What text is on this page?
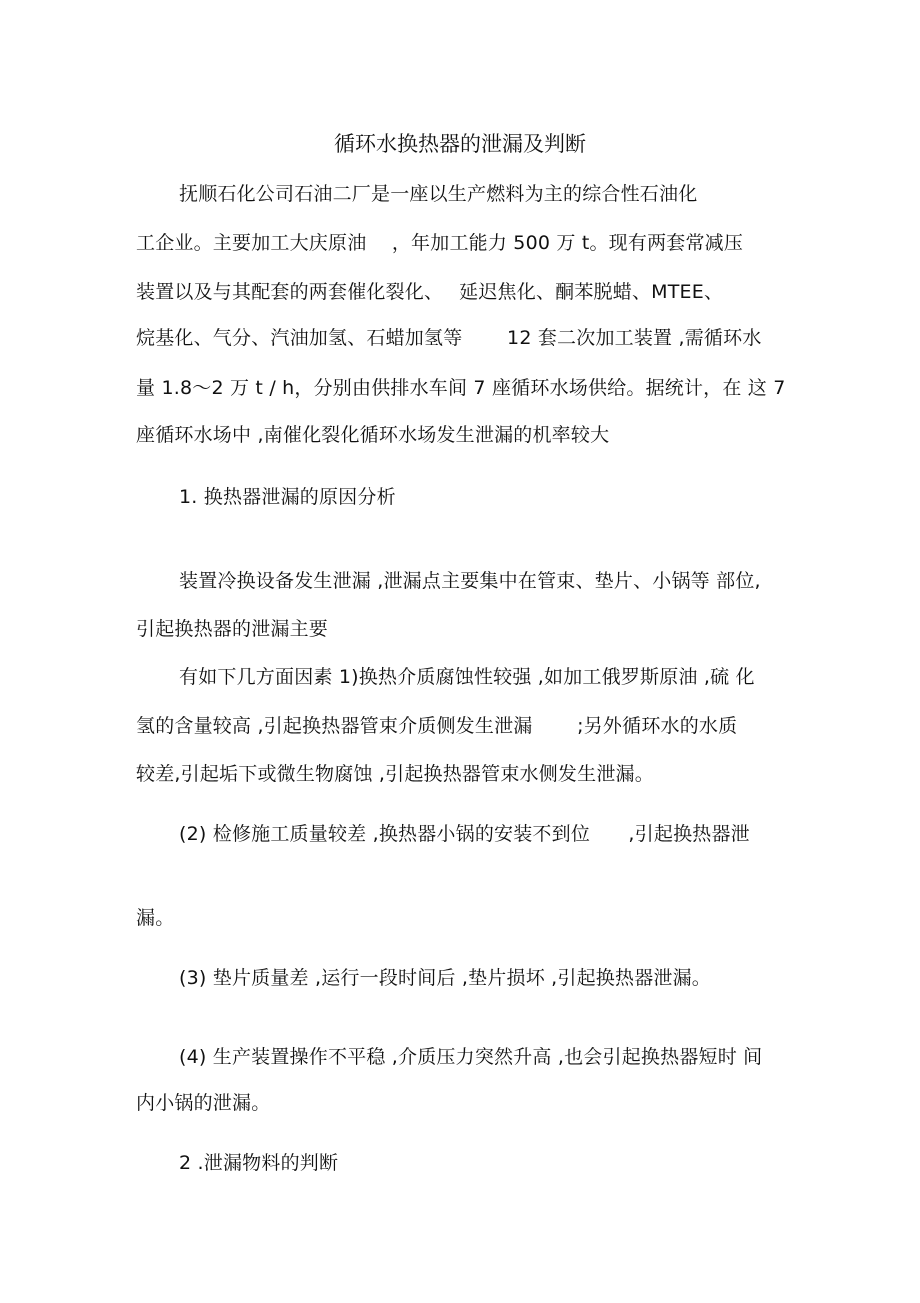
循环水换热器的泄漏及判断
抚顺石化公司石油二厂是一座以生产燃料为主的综合性石油化
工企业。主要加工大庆原油　 ，年加工能力 500 万 t。现有两套常减压
装置以及与其配套的两套催化裂化、　 延迟焦化、酮苯脱蜡、MTEE、
烷基化、气分、汽油加氢、石蜡加氢等　　 12 套二次加工装置 ,需循环水
量 1.8～2 万 t / h，分别由供排水车间 7 座循环水场供给。据统计，在 这 7
座循环水场中 ,南催化裂化循环水场发生泄漏的机率较大
1. 换热器泄漏的原因分析
装置冷换设备发生泄漏 ,泄漏点主要集中在管束、垫片、小锅等 部位,
引起换热器的泄漏主要
有如下几方面因素 1)换热介质腐蚀性较强 ,如加工俄罗斯原油 ,硫 化
氢的含量较高 ,引起换热器管束介质侧发生泄漏　　 ;另外循环水的水质
较差,引起垢下或微生物腐蚀 ,引起换热器管束水侧发生泄漏。
(2) 检修施工质量较差 ,换热器小锅的安装不到位　　,引起换热器泄
漏。
(3) 垫片质量差 ,运行一段时间后 ,垫片损坏 ,引起换热器泄漏。
(4) 生产装置操作不平稳 ,介质压力突然升高 ,也会引起换热器短时 间
内小锅的泄漏。
2 .泄漏物料的判断
